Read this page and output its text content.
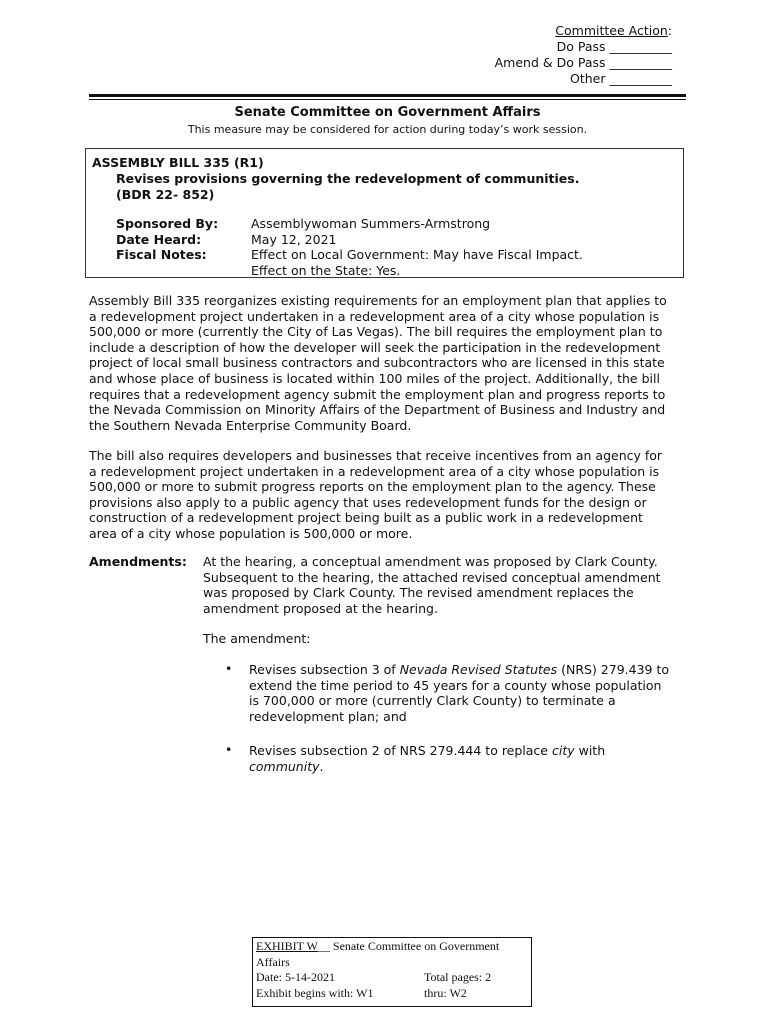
Committee Action:
Do Pass __________
Amend & Do Pass __________
Other __________
Senate Committee on Government Affairs
This measure may be considered for action during today’s work session.
ASSEMBLY BILL 335 (R1)
Revises provisions governing the redevelopment of communities.
(BDR 22- 852)
Sponsored By:	Assemblywoman Summers-Armstrong
Date Heard:	May 12, 2021
Fiscal Notes:	Effect on Local Government: May have Fiscal Impact.
Effect on the State: Yes.
Assembly Bill 335 reorganizes existing requirements for an employment plan that applies to
a redevelopment project undertaken in a redevelopment area of a city whose population is
500,000 or more (currently the City of Las Vegas). The bill requires the employment plan to
include a description of how the developer will seek the participation in the redevelopment
project of local small business contractors and subcontractors who are licensed in this state
and whose place of business is located within 100 miles of the project. Additionally, the bill
requires that a redevelopment agency submit the employment plan and progress reports to
the Nevada Commission on Minority Affairs of the Department of Business and Industry and
the Southern Nevada Enterprise Community Board.
The bill also requires developers and businesses that receive incentives from an agency for
a redevelopment project undertaken in a redevelopment area of a city whose population is
500,000 or more to submit progress reports on the employment plan to the agency. These
provisions also apply to a public agency that uses redevelopment funds for the design or
construction of a redevelopment project being built as a public work in a redevelopment
area of a city whose population is 500,000 or more.
Amendments: At the hearing, a conceptual amendment was proposed by Clark County.
Subsequent to the hearing, the attached revised conceptual amendment
was proposed by Clark County. The revised amendment replaces the
amendment proposed at the hearing.
The amendment:
• Revises subsection 3 of Nevada Revised Statutes (NRS) 279.439 to
extend the time period to 45 years for a county whose population
is 700,000 or more (currently Clark County) to terminate a
redevelopment plan; and
• Revises subsection 2 of NRS 279.444 to replace city with
community.
EXHIBIT W__ Senate Committee on Government
Affairs
Date: 5-14-2021	Total pages: 2
Exhibit begins with: W1	thru: W2
